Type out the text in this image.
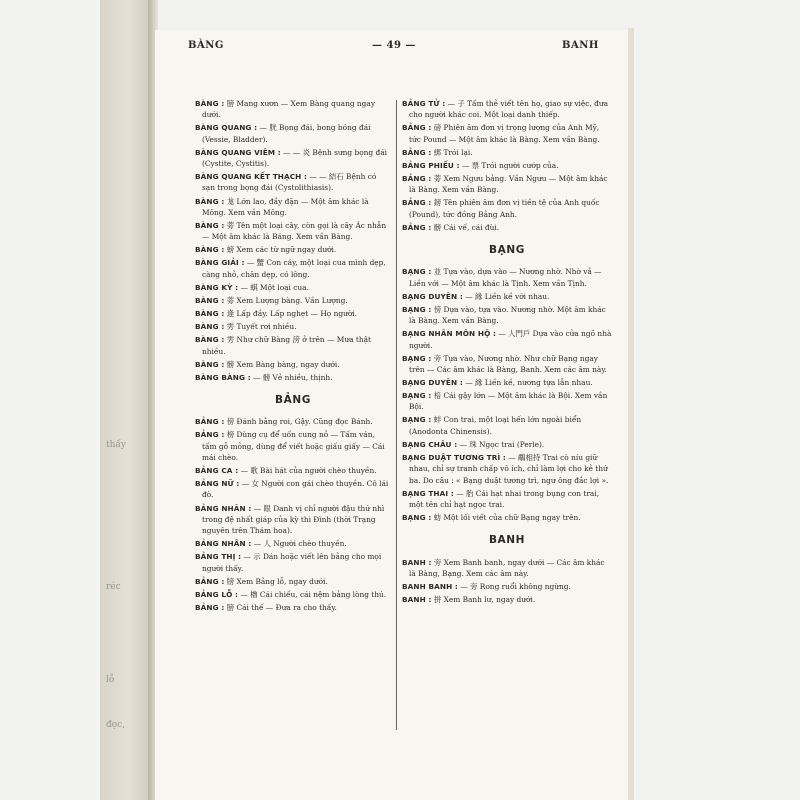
thấy
réc
lỗ
đọc,
BÀNG	— 49 —	BANH
BÀNG : 膀 Mang xươn — Xem Bàng quang ngay dưới.
BÀNG QUANG : — 胱 Bọng đái, bong bóng đái (Vessie, Bladder).
BÀNG QUANG VIÊM : — — 炎 Bệnh sưng bọng đái (Cystite, Cystitis).
BÀNG QUANG KẾT THẠCH : — — 結石 Bệnh có sạn trong bọng đái (Cystolithiasis).
BÀNG : 尨 Lớn lao, đầy đặn — Một âm khác là Mông. Xem vần Mông.
BÀNG : 蒡 Tên một loại cây, còn gọi là cây Ác nhẫn — Một âm khác là Báng. Xem vần Bàng.
BÀNG : 螃 Xem các từ ngữ ngay dưới.
BÀNG GIẢI : — 蟹 Con cáy, một loại cua mình dẹp, càng nhỏ, chân dẹp, có lông.
BÀNG KỲ : — 蜞 Một loại cua.
BÀNG : 蒡 Xem Lượng bàng. Vần Lượng.
BÀNG : 逄 Lấp đầy. Lấp nghẹt — Họ người.
BÀNG : 雱 Tuyết rơi nhiều.
BÀNG : 雱 Như chữ Bàng 滂 ở trên — Mưa thật nhiều.
BÀNG : 髈 Xem Bàng bàng, ngay dưới.
BÀNG BÀNG : — 髈 Vẻ nhiều, thịnh.
BẢNG
BẢNG : 傍 Đánh bằng roi, Gậy. Cũng đọc Bánh.
BẢNG : 榜 Dùng cụ để uốn cung nỏ — Tấm ván, tấm gỗ mỏng, dùng để viết hoặc giấu giấy — Cái mái chèo.
BẢNG CA : — 歌 Bài hát của người chèo thuyền.
BẢNG NỮ : — 女 Người con gái chèo thuyền. Cô lái đò.
BẢNG NHÃN : — 眼 Danh vị chỉ người đậu thứ nhì trong đệ nhất giáp của kỳ thi Đình (thời Trạng nguyên trên Thám hoa).
BẢNG NHÂN : — 人 Người chèo thuyền.
BẢNG THỊ : — 示 Dán hoặc viết lên bảng cho mọi người thấy.
BẢNG : 牓 Xem Bảng lỗ, ngay dưới.
BẢNG LỖ : — 櫓 Cái chiếu, cái nệm bảng lòng thú.
BẢNG : 膀 Cái thế — Đưa ra cho thấy.
BẢNG TỬ : — 子 Tấm thẻ viết tên họ, giao sự việc, đưa cho người khác coi. Một loại danh thiếp.
BẢNG : 磅 Phiên âm đơn vị trọng lượng của Anh Mỹ, tức Pound — Một âm khác là Bàng. Xem vần Bàng.
BẢNG : 綁 Trói lại.
BẢNG PHIẾU : — 票 Trói người cướp của.
BẢNG : 蒡 Xem Ngưu bảng. Vần Ngưu — Một âm khác là Bàng. Xem vần Bàng.
BẢNG : 鎊 Tên phiên âm đơn vị tiền tệ của Anh quốc (Pound), tức đồng Bảng Anh.
BẢNG : 髈 Cái vế, cái đùi.
BẠNG
BẠNG : 並 Tựa vào, dựa vào — Nương nhờ. Nhờ vả — Liền với — Một âm khác là Tịnh. Xem vần Tịnh.
BẠNG DUYÊN : — 緣 Liền kề với nhau.
BẠNG : 傍 Dựa vào, tựa vào. Nương nhờ. Một âm khác là Bàng. Xem vần Bàng.
BẠNG NHÂN MÔN HỘ : — 人門戶 Dựa vào cửa ngõ nhà người.
BẠNG : 旁 Tựa vào, Nương nhờ. Như chữ Bạng ngay trên — Các âm khác là Bàng, Banh. Xem các âm này.
BẠNG DUYÊN : — 緣 Liền kề, nương tựa lẫn nhau.
BẠNG : 棓 Cái gậy lớn — Một âm khác là Bội. Xem vần Bội.
BẠNG : 蚌 Con trai, một loại hến lớn ngoài biển (Anodonta Chinensis).
BẠNG CHÂU : — 珠 Ngọc trai (Perle).
BẠNG DUẬT TƯƠNG TRÌ : — 鷸相持 Trai cò níu giữ nhau, chỉ sự tranh chấp vô ích, chỉ làm lợi cho kẻ thứ ba. Do câu : « Bạng duật tương trì, ngư ông đắc lợi ».
BẠNG THAI : — 胎 Cái hạt nhai trong bụng con trai, một tên chỉ hạt ngọc trai.
BẠNG : 蚄 Một lối viết của chữ Bạng ngay trên.
BANH
BANH : 旁 Xem Banh banh, ngay dưới — Các âm khác là Bàng, Bạng. Xem các âm này.
BANH BANH : — 旁 Rong ruổi không ngừng.
BANH : 拼 Xem Banh lư, ngay dưới.
